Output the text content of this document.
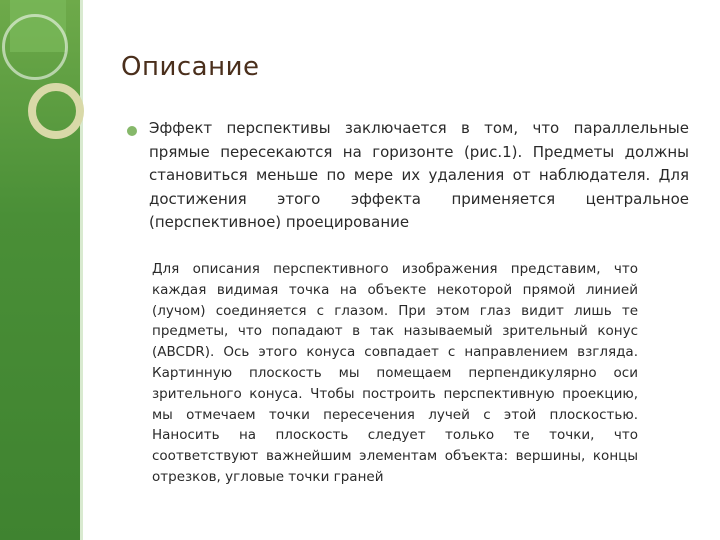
Описание

Эффект перспективы заключается в том, что параллельные прямые пересекаются на горизонте (рис.1). Предметы должны становиться меньше по мере их удаления от наблюдателя. Для достижения этого эффекта применяется центральное (перспективное) проецирование

Для описания перспективного изображения представим, что каждая видимая точка на объекте некоторой прямой линией (лучом) соединяется с глазом. При этом глаз видит лишь те предметы, что попадают в так называемый зрительный конус (ABCDR). Ось этого конуса совпадает с направлением взгляда. Картинную плоскость мы помещаем перпендикулярно оси зрительного конуса. Чтобы построить перспективную проекцию, мы отмечаем точки пересечения лучей с этой плоскостью. Наносить на плоскость следует только те точки, что соответствуют важнейшим элементам объекта: вершины, концы отрезков, угловые точки граней
